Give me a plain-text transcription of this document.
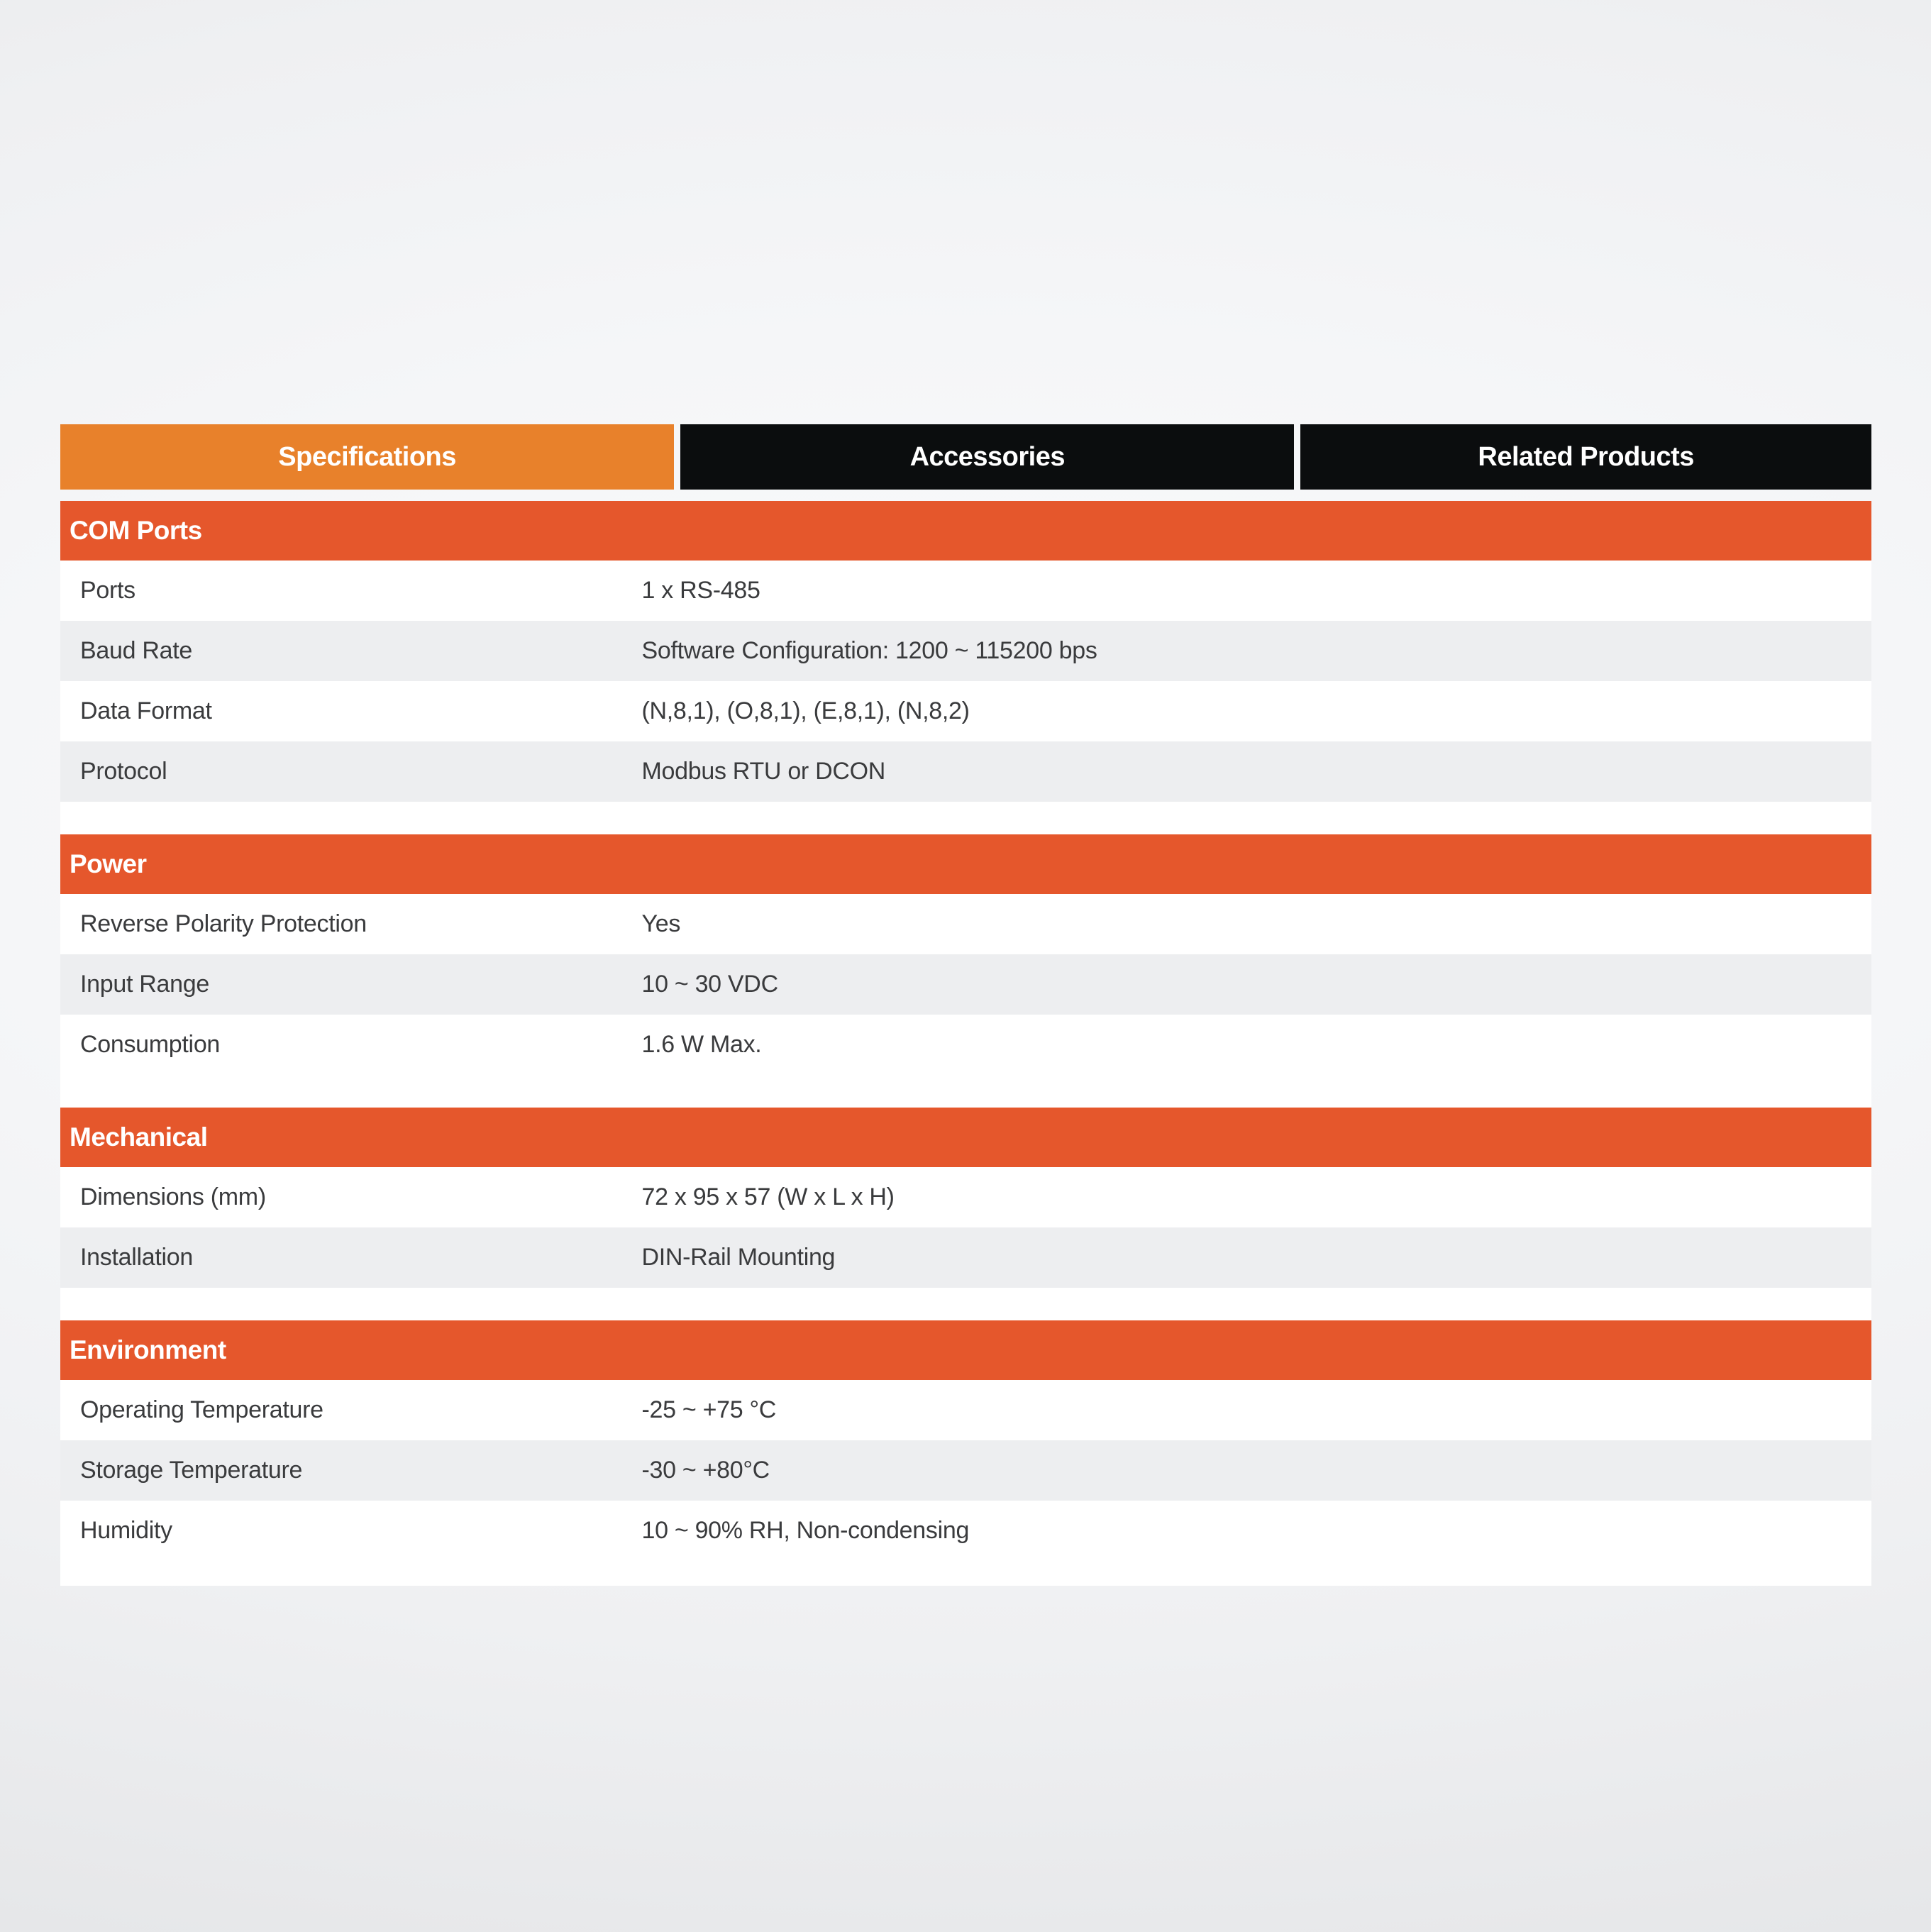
Specifications	Accessories	Related Products
COM Ports
Ports	1 x RS-485
Baud Rate	Software Configuration: 1200 ~ 115200 bps
Data Format	(N,8,1), (O,8,1), (E,8,1), (N,8,2)
Protocol	Modbus RTU or DCON
Power
Reverse Polarity Protection	Yes
Input Range	10 ~ 30 VDC
Consumption	1.6 W Max.
Mechanical
Dimensions (mm)	72 x 95 x 57 (W x L x H)
Installation	DIN-Rail Mounting
Environment
Operating Temperature	-25 ~ +75 °C
Storage Temperature	-30 ~ +80°C
Humidity	10 ~ 90% RH, Non-condensing
